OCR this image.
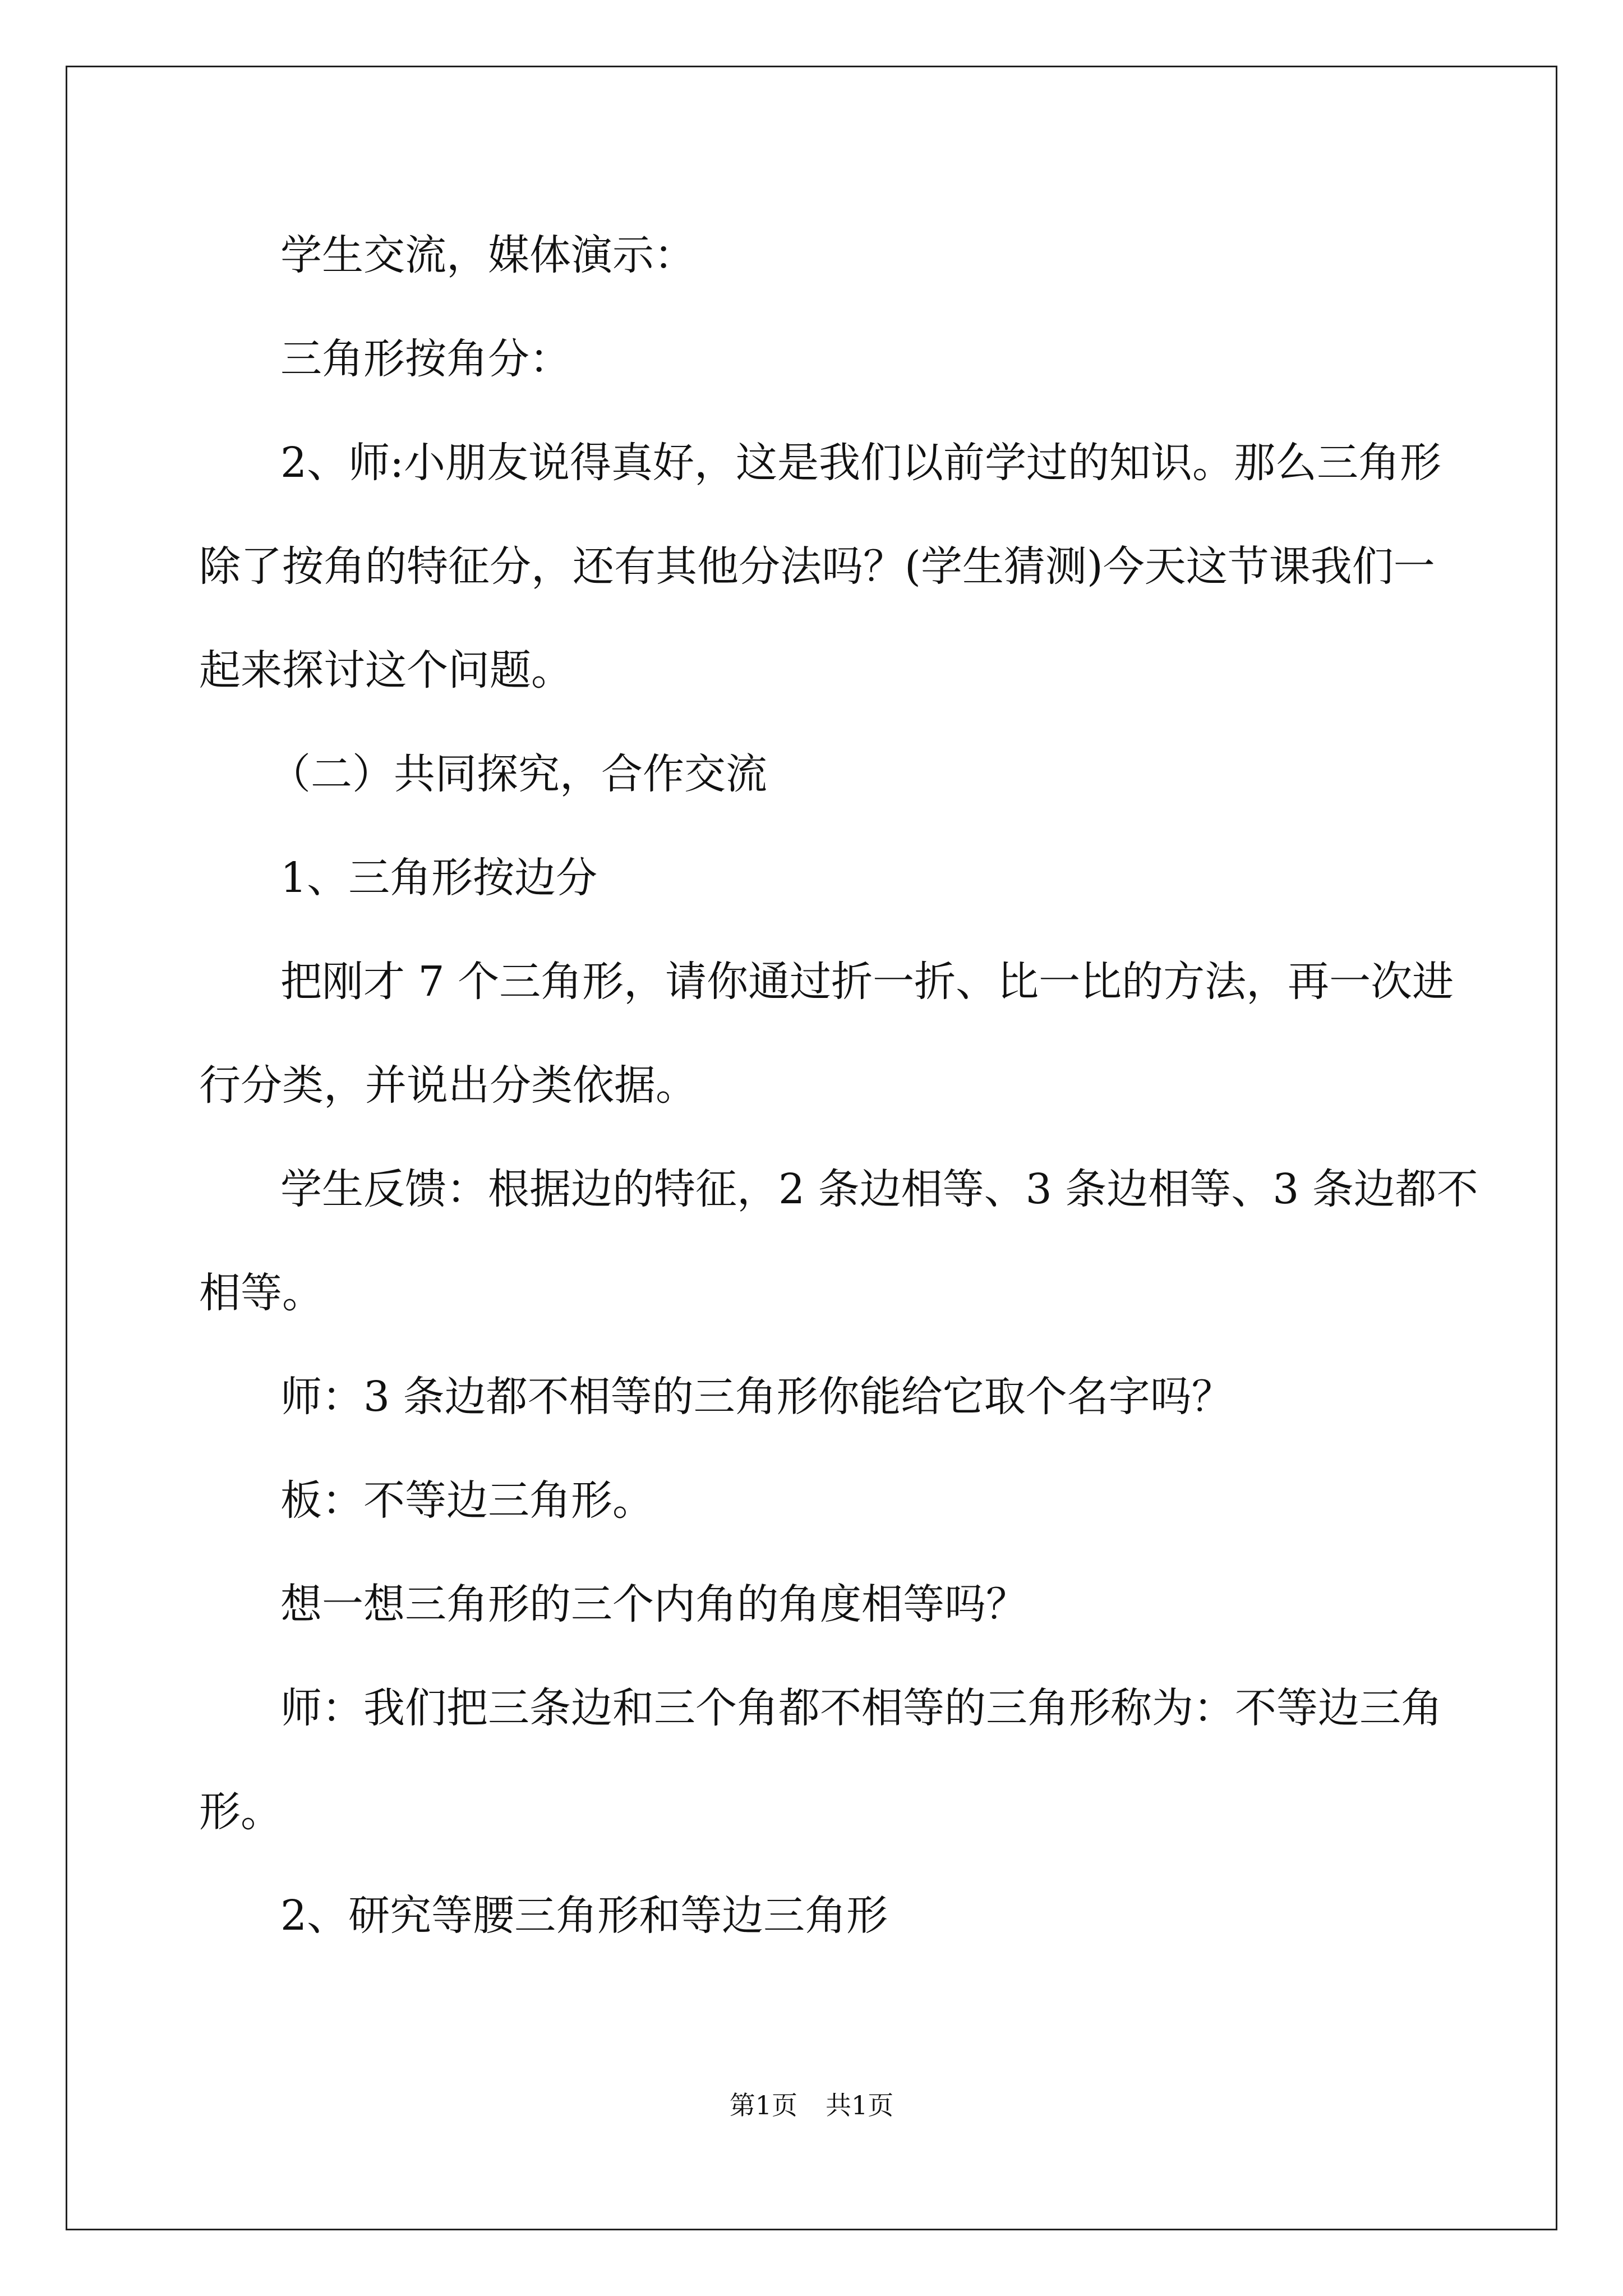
学生交流，媒体演示：
三角形按角分：
2、师:小朋友说得真好，这是我们以前学过的知识。那么三角形
除了按角的特征分，还有其他分法吗？(学生猜测)今天这节课我们一
起来探讨这个问题。
（二）共同探究，合作交流
1、三角形按边分
把刚才 7 个三角形，请你通过折一折、比一比的方法，再一次进
行分类，并说出分类依据。
学生反馈：根据边的特征，2 条边相等、3 条边相等、3 条边都不
相等。
师：3 条边都不相等的三角形你能给它取个名字吗？
板：不等边三角形。
想一想三角形的三个内角的角度相等吗？
师：我们把三条边和三个角都不相等的三角形称为：不等边三角
形。
2、研究等腰三角形和等边三角形
第1页 共1页
